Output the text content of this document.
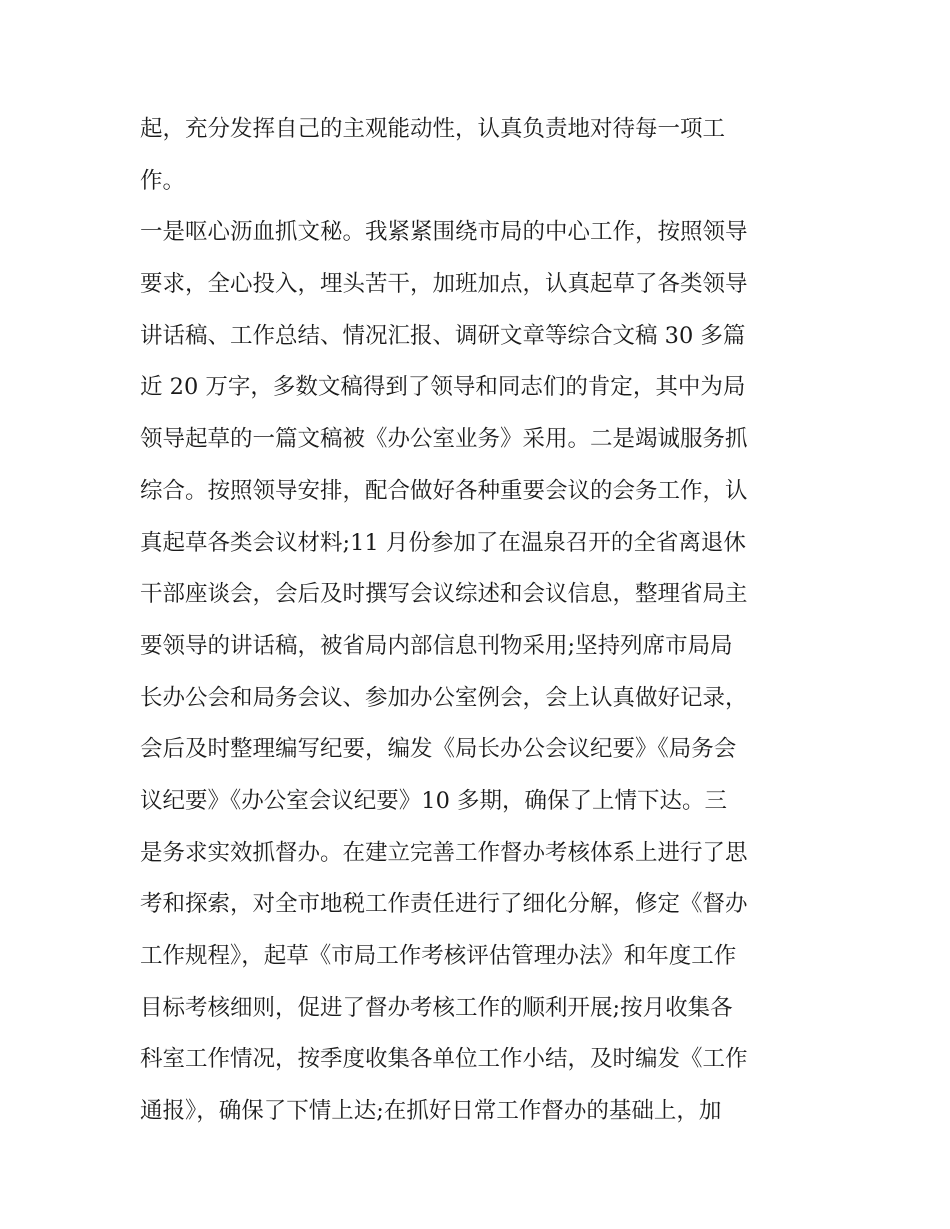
起，充分发挥自己的主观能动性，认真负责地对待每一项工
作。
一是呕心沥血抓文秘。我紧紧围绕市局的中心工作，按照领导
要求，全心投入，埋头苦干，加班加点，认真起草了各类领导
讲话稿、工作总结、情况汇报、调研文章等综合文稿 30 多篇
近 20 万字，多数文稿得到了领导和同志们的肯定，其中为局
领导起草的一篇文稿被《办公室业务》采用。二是竭诚服务抓
综合。按照领导安排，配合做好各种重要会议的会务工作，认
真起草各类会议材料;11 月份参加了在温泉召开的全省离退休
干部座谈会，会后及时撰写会议综述和会议信息，整理省局主
要领导的讲话稿，被省局内部信息刊物采用;坚持列席市局局
长办公会和局务会议、参加办公室例会，会上认真做好记录，
会后及时整理编写纪要，编发《局长办公会议纪要》《局务会
议纪要》《办公室会议纪要》10 多期，确保了上情下达。三
是务求实效抓督办。在建立完善工作督办考核体系上进行了思
考和探索，对全市地税工作责任进行了细化分解，修定《督办
工作规程》，起草《市局工作考核评估管理办法》和年度工作
目标考核细则，促进了督办考核工作的顺利开展;按月收集各
科室工作情况，按季度收集各单位工作小结，及时编发《工作
通报》，确保了下情上达;在抓好日常工作督办的基础上，加
